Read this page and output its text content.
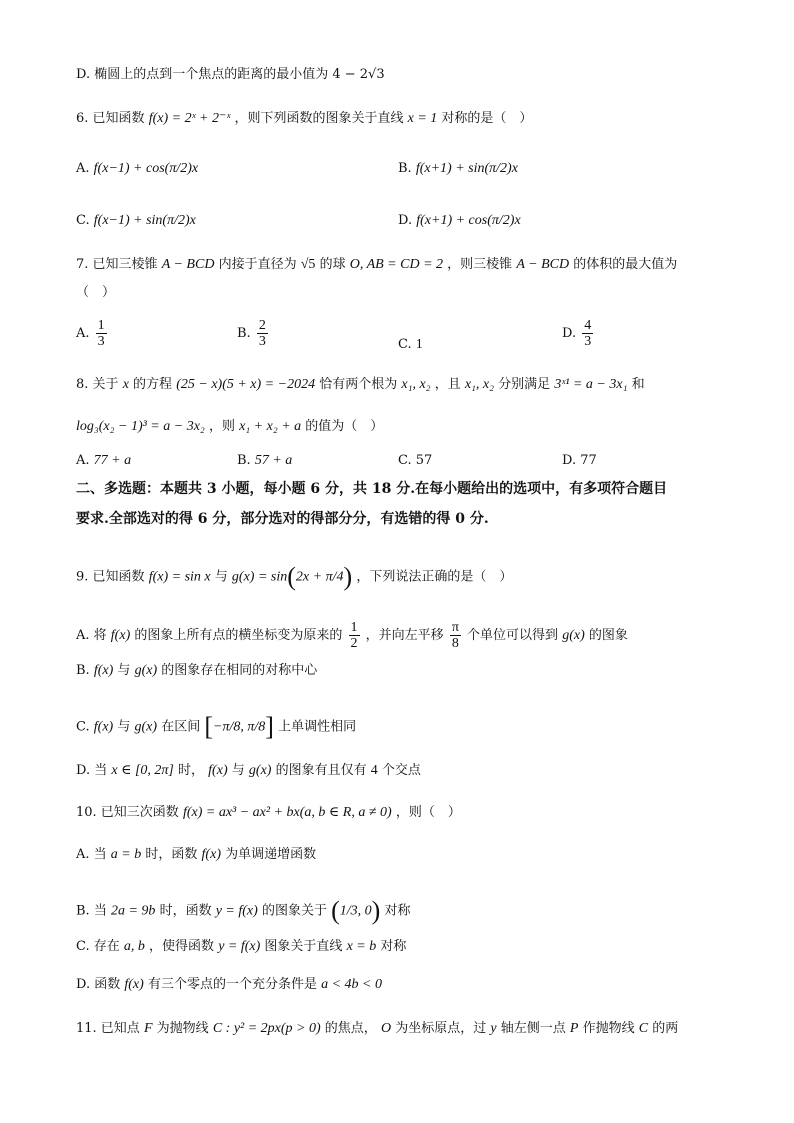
D. 椭圆上的点到一个焦点的距离的最小值为 4 − 2√3
6. 已知函数 f(x) = 2ˣ + 2⁻ˣ ，则下列函数的图象关于直线 x = 1 对称的是（　）
A. f(x−1) + cos(π/2)x	B. f(x+1) + sin(π/2)x
C. f(x−1) + sin(π/2)x	D. f(x+1) + cos(π/2)x
7. 已知三棱锥 A − BCD 内接于直径为 √5 的球 O, AB = CD = 2 ，则三棱锥 A − BCD 的体积的最大值为
（　）
A. $\frac{1}{3}$	B. $\frac{2}{3}$	C. 1
D. $\frac{4}{3}$
8. 关于 x 的方程 (25 − x)(5 + x) = −2024 恰有两个根为 x₁, x₂ ，且 x₁, x₂ 分别满足 3ˣ¹ = a − 3x₁ 和
log₃(x₂ − 1)³ = a − 3x₂ ，则 x₁ + x₂ + a 的值为（　）
A. 77 + a	B. 57 + a	C. 57	D. 77
二、多选题：本题共 3 小题，每小题 6 分，共 18 分.在每小题给出的选项中，有多项符合题目
要求.全部选对的得 6 分，部分选对的得部分分，有选错的得 0 分.
9. 已知函数 f(x) = sin x 与 g(x) = sin(2x + π/4) ，下列说法正确的是（　）
A. 将 f(x) 的图象上所有点的横坐标变为原来的 $\frac{1}{2}$ ，并向左平移 $\frac{\pi}{8}$ 个单位可以得到 g(x) 的图象
B. f(x) 与 g(x) 的图象存在相同的对称中心
C. f(x) 与 g(x) 在区间 [−π/8, π/8] 上单调性相同
D. 当 x ∈ [0, 2π] 时， f(x) 与 g(x) 的图象有且仅有 4 个交点
10. 已知三次函数 f(x) = ax³ − ax² + bx(a, b ∈ R, a ≠ 0) ，则（　）
A. 当 a = b 时，函数 f(x) 为单调递增函数
B. 当 2a = 9b 时，函数 y = f(x) 的图象关于 (1/3, 0) 对称
C. 存在 a, b ，使得函数 y = f(x) 图象关于直线 x = b 对称
D. 函数 f(x) 有三个零点的一个充分条件是 a < 4b < 0
11. 已知点 F 为抛物线 C : y² = 2px(p > 0) 的焦点， O 为坐标原点，过 y 轴左侧一点 P 作抛物线 C 的两
